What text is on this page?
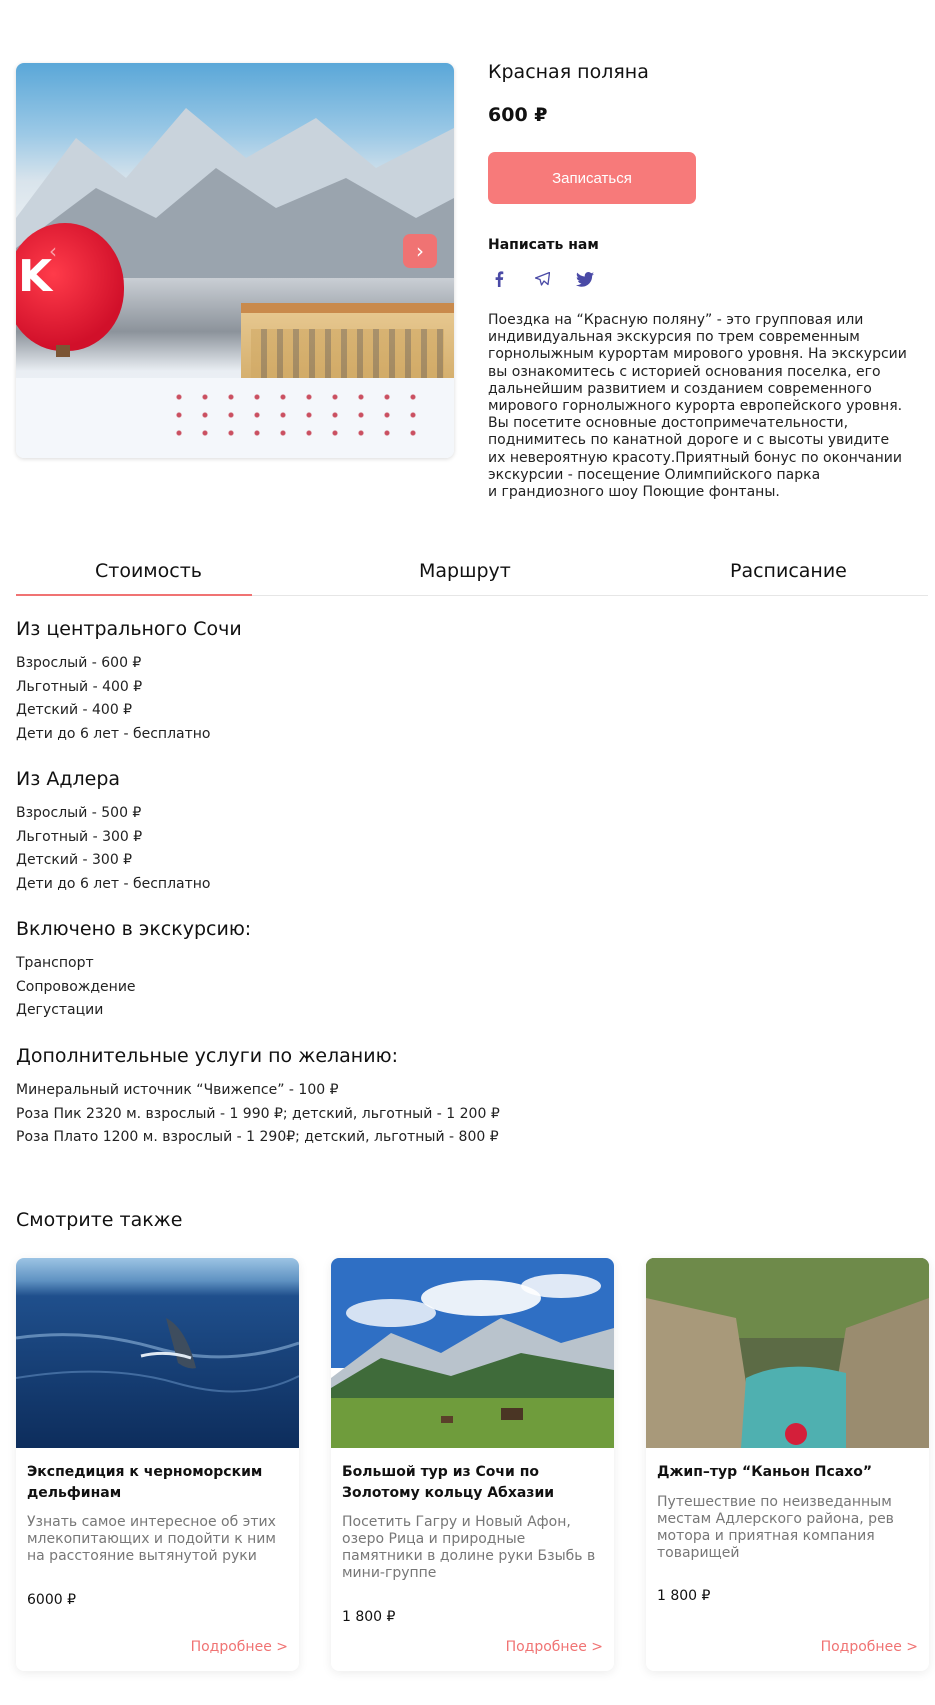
K
‹	›
Красная поляна
600 ₽
Записаться
Написать нам
Поездка на “Красную поляну” - это групповая или
индивидуальная экскурсия по трем современным
горнолыжным курортам мирового уровня. На экскурсии
вы ознакомитесь с историей основания поселка, его
дальнейшим развитием и созданием современного
мирового горнолыжного курорта европейского уровня.
Вы посетите основные достопримечательности,
поднимитесь по канатной дороге и с высоты увидите
их невероятную красоту.Приятный бонус по окончании
экскурсии - посещение Олимпийского парка
и грандиозного шоу Поющие фонтаны.
Стоимость	Маршрут	Расписание
Из центрального Сочи
Взрослый - 600 ₽
Льготный - 400 ₽
Детский - 400 ₽
Дети до 6 лет - бесплатно
Из Адлера
Взрослый - 500 ₽
Льготный - 300 ₽
Детский - 300 ₽
Дети до 6 лет - бесплатно
Включено в экскурсию:
Транспорт
Сопровождение
Дегустации
Дополнительные услуги по желанию:
Минеральный источник “Чвижепсе” - 100 ₽
Роза Пик 2320 м. взрослый - 1 990 ₽; детский, льготный - 1 200 ₽
Роза Плато 1200 м. взрослый - 1 290₽; детский, льготный - 800 ₽
Смотрите также
Экспедиция к черноморским дельфинам
Узнать самое интересное об этих млекопитающих и подойти к ним на расстояние вытянутой руки
6000 ₽
Подробнее >
Большой тур из Сочи по Золотому кольцу Абхазии
Посетить Гагру и Новый Афон, озеро Рица и природные памятники в долине руки Бзыбь в мини-группе
1 800 ₽
Подробнее >
Джип–тур “Каньон Псахо”
Путешествие по неизведанным местам Адлерского района, рев мотора и приятная компания товарищей
1 800 ₽
Подробнее >
